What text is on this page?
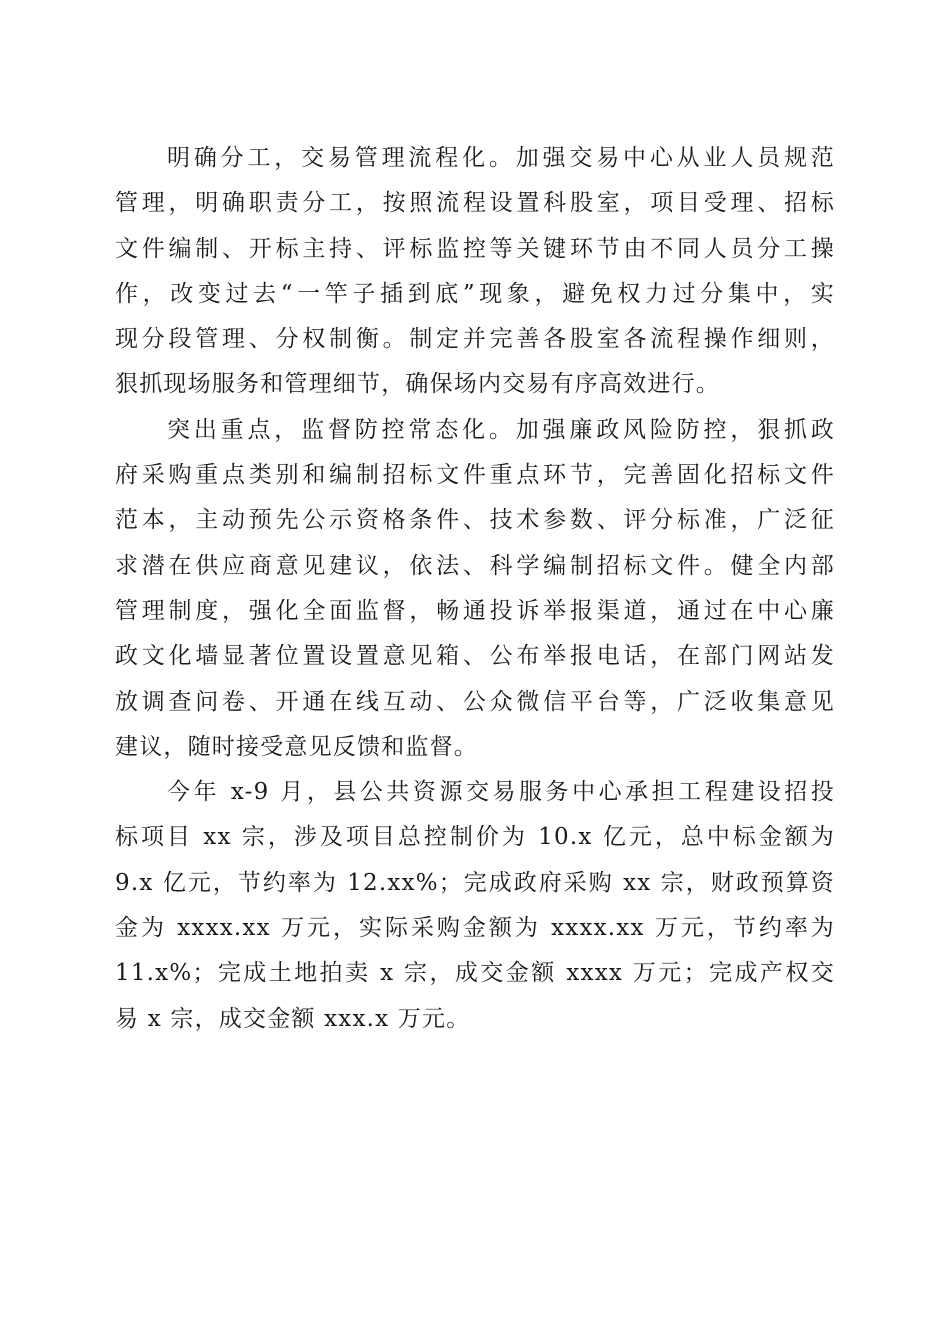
明确分工，交易管理流程化。加强交易中心从业人员规范
管理，明确职责分工，按照流程设置科股室，项目受理、招标
文件编制、开标主持、评标监控等关键环节由不同人员分工操
作，改变过去“一竿子插到底”现象，避免权力过分集中，实
现分段管理、分权制衡。制定并完善各股室各流程操作细则，
狠抓现场服务和管理细节，确保场内交易有序高效进行。
突出重点，监督防控常态化。加强廉政风险防控，狠抓政
府采购重点类别和编制招标文件重点环节，完善固化招标文件
范本，主动预先公示资格条件、技术参数、评分标准，广泛征
求潜在供应商意见建议，依法、科学编制招标文件。健全内部
管理制度，强化全面监督，畅通投诉举报渠道，通过在中心廉
政文化墙显著位置设置意见箱、公布举报电话，在部门网站发
放调查问卷、开通在线互动、公众微信平台等，广泛收集意见
建议，随时接受意见反馈和监督。
今年 x-9 月，县公共资源交易服务中心承担工程建设招投
标项目 xx 宗，涉及项目总控制价为 10.x 亿元，总中标金额为
9.x 亿元，节约率为 12.xx%；完成政府采购 xx 宗，财政预算资
金为 xxxx.xx 万元，实际采购金额为 xxxx.xx 万元，节约率为
11.x%；完成土地拍卖 x 宗，成交金额 xxxx 万元；完成产权交
易 x 宗，成交金额 xxx.x 万元。
